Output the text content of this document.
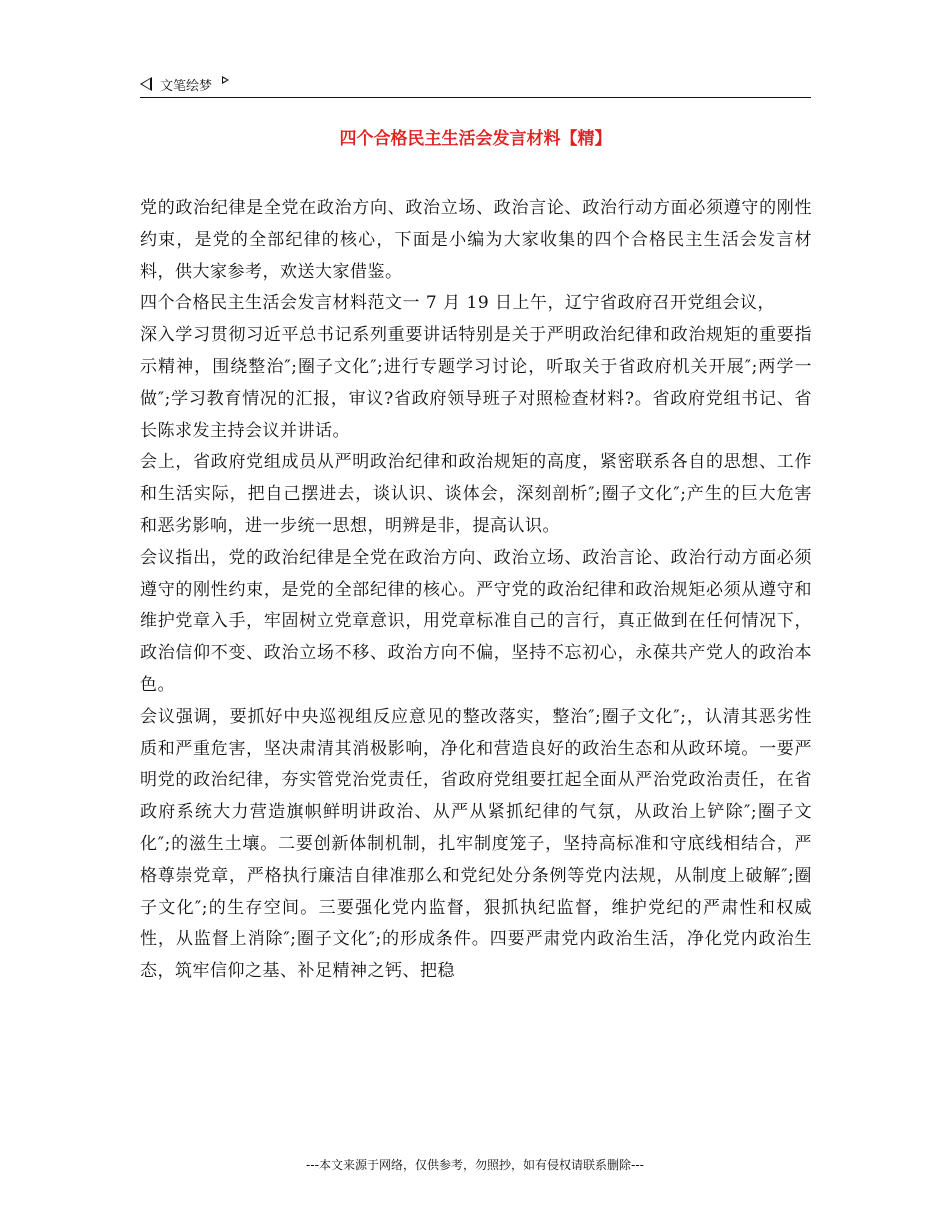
文笔绘梦
四个合格民主生活会发言材料【精】

党的政治纪律是全党在政治方向、政治立场、政治言论、政治行动方面必须遵守的刚性约束，是党的全部纪律的核心，下面是小编为大家收集的四个合格民主生活会发言材料，供大家参考，欢送大家借鉴。

四个合格民主生活会发言材料范文一 7 月 19 日上午，辽宁省政府召开党组会议，

深入学习贯彻习近平总书记系列重要讲话特别是关于严明政治纪律和政治规矩的重要指示精神，围绕整治″;圈子文化″;进行专题学习讨论，听取关于省政府机关开展″;两学一做″;学习教育情况的汇报，审议?省政府领导班子对照检查材料?。省政府党组书记、省长陈求发主持会议并讲话。

会上，省政府党组成员从严明政治纪律和政治规矩的高度，紧密联系各自的思想、工作和生活实际，把自己摆进去，谈认识、谈体会，深刻剖析″;圈子文化″;产生的巨大危害和恶劣影响，进一步统一思想，明辨是非，提高认识。

会议指出，党的政治纪律是全党在政治方向、政治立场、政治言论、政治行动方面必须遵守的刚性约束，是党的全部纪律的核心。严守党的政治纪律和政治规矩必须从遵守和维护党章入手，牢固树立党章意识，用党章标准自己的言行，真正做到在任何情况下，政治信仰不变、政治立场不移、政治方向不偏，坚持不忘初心，永葆共产党人的政治本色。

会议强调，要抓好中央巡视组反应意见的整改落实，整治″;圈子文化″;，认清其恶劣性质和严重危害，坚决肃清其消极影响，净化和营造良好的政治生态和从政环境。一要严明党的政治纪律，夯实管党治党责任，省政府党组要扛起全面从严治党政治责任，在省政府系统大力营造旗帜鲜明讲政治、从严从紧抓纪律的气氛，从政治上铲除″;圈子文化″;的滋生土壤。二要创新体制机制，扎牢制度笼子，坚持高标准和守底线相结合，严格尊崇党章，严格执行廉洁自律准那么和党纪处分条例等党内法规，从制度上破解″;圈子文化″;的生存空间。三要强化党内监督，狠抓执纪监督，维护党纪的严肃性和权威性，从监督上消除″;圈子文化″;的形成条件。四要严肃党内政治生活，净化党内政治生态，筑牢信仰之基、补足精神之钙、把稳

---本文来源于网络，仅供参考，勿照抄，如有侵权请联系删除---
